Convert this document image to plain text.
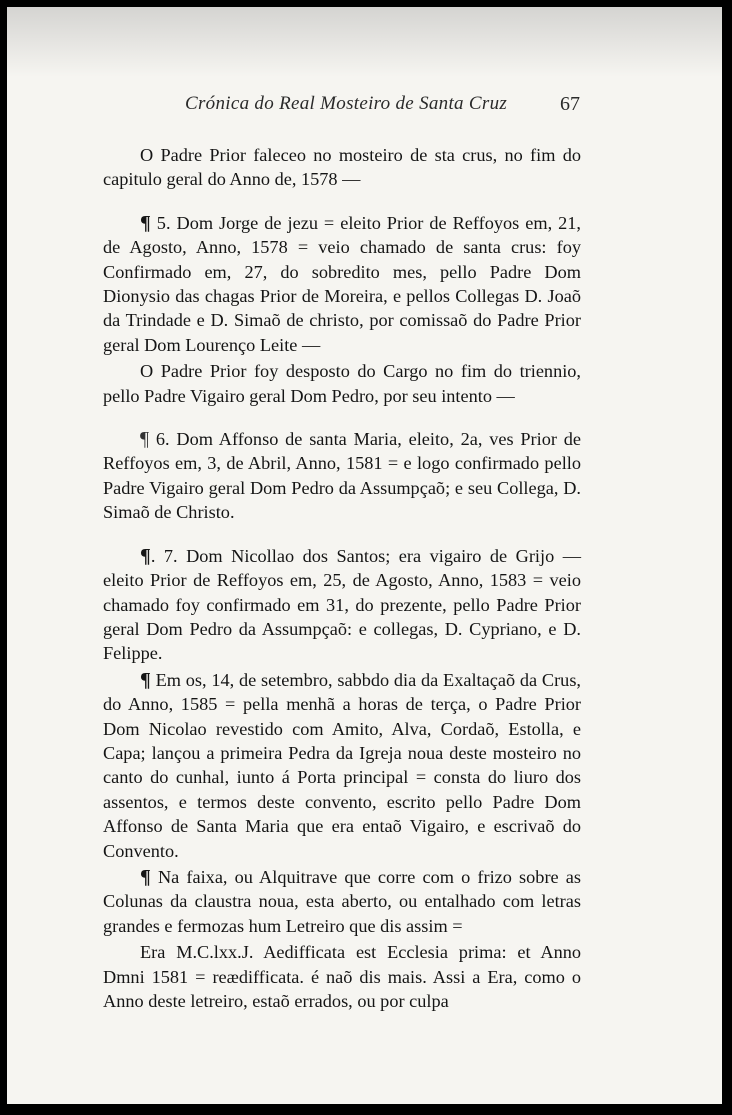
Crónica do Real Mosteiro de Santa Cruz	67

O Padre Prior faleceo no mosteiro de sta crus, no fim do capitulo geral do Anno de, 1578 —

¶ 5. Dom Jorge de jezu = eleito Prior de Reffoyos em, 21, de Agosto, Anno, 1578 = veio chamado de santa crus: foy Confirmado em, 27, do sobredito mes, pello Padre Dom Dionysio das chagas Prior de Moreira, e pellos Collegas D. Joaõ da Trindade e D. Simaõ de christo, por comissaõ do Padre Prior geral Dom Lourenço Leite —

O Padre Prior foy desposto do Cargo no fim do triennio, pello Padre Vigairo geral Dom Pedro, por seu intento —

¶ 6. Dom Affonso de santa Maria, eleito, 2a, ves Prior de Reffoyos em, 3, de Abril, Anno, 1581 = e logo confirmado pello Padre Vigairo geral Dom Pedro da Assumpçaõ; e seu Collega, D. Simaõ de Christo.

¶. 7. Dom Nicollao dos Santos; era vigairo de Grijo — eleito Prior de Reffoyos em, 25, de Agosto, Anno, 1583 = veio chamado foy confirmado em 31, do prezente, pello Padre Prior geral Dom Pedro da Assumpçaõ: e collegas, D. Cypriano, e D. Felippe.

¶ Em os, 14, de setembro, sabbdo dia da Exaltaçaõ da Crus, do Anno, 1585 = pella menhã a horas de terça, o Padre Prior Dom Nicolao revestido com Amito, Alva, Cordaõ, Estolla, e Capa; lançou a primeira Pedra da Igreja noua deste mosteiro no canto do cunhal, iunto á Porta principal = consta do liuro dos assentos, e termos deste convento, escrito pello Padre Dom Affonso de Santa Maria que era entaõ Vigairo, e escrivaõ do Convento.

¶ Na faixa, ou Alquitrave que corre com o frizo sobre as Colunas da claustra noua, esta aberto, ou entalhado com letras grandes e fermozas hum Letreiro que dis assim =

Era M.C.lxx.J. Aedifficata est Ecclesia prima: et Anno Dmni 1581 = reædifficata. é naõ dis mais. Assi a Era, como o Anno deste letreiro, estaõ errados, ou por culpa
